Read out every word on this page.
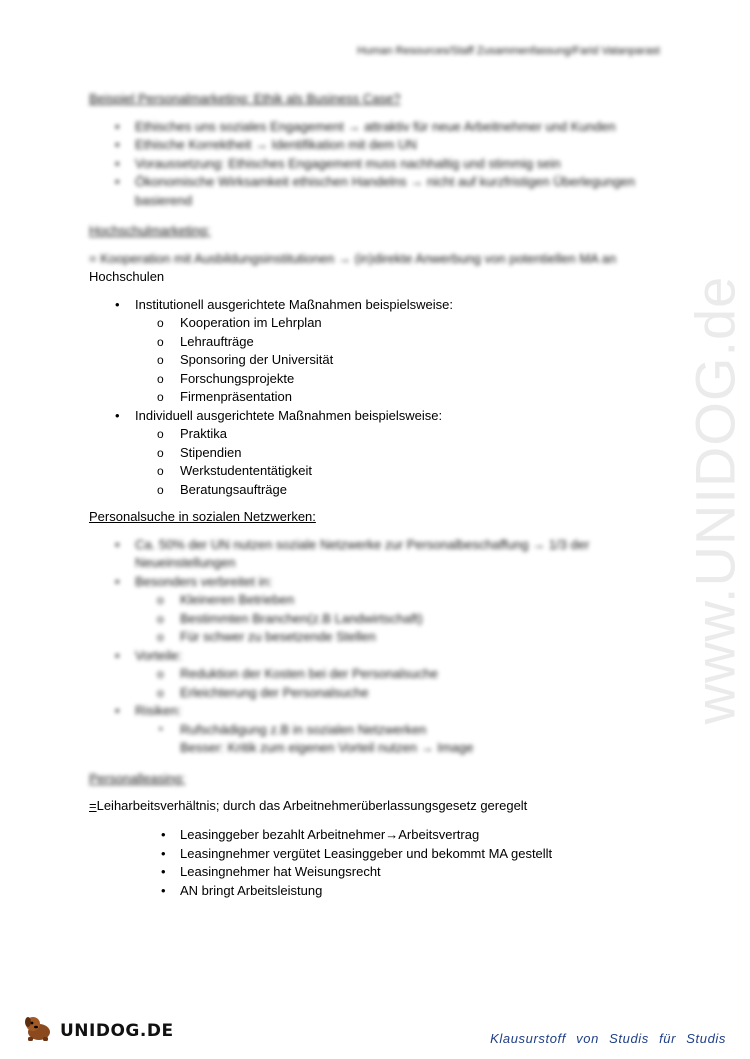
www.UNIDOG.de
Human Resources/Staff Zusammenfassung/Farid Vatanparast
Beispiel Personalmarketing: Ethik als Business Case?
• Ethisches uns soziales Engagement → attraktiv für neue Arbeitnehmer und Kunden
• Ethische Korrektheit → Identifikation mit dem UN
• Voraussetzung: Ethisches Engagement muss nachhaltig und stimmig sein
• Ökonomische Wirksamkeit ethischen Handelns → nicht auf kurzfristigen Überlegungen basierend
Hochschulmarketing:
= Kooperation mit Ausbildungsinstitutionen → (in)direkte Anwerbung von potentiellen MA an
Hochschulen
• Institutionell ausgerichtete Maßnahmen beispielsweise:
o Kooperation im Lehrplan
o Lehraufträge
o Sponsoring der Universität
o Forschungsprojekte
o Firmenpräsentation
• Individuell ausgerichtete Maßnahmen beispielsweise:
o Praktika
o Stipendien
o Werkstudententätigkeit
o Beratungsaufträge
Personalsuche in sozialen Netzwerken:
• Ca. 50% der UN nutzen soziale Netzwerke zur Personalbeschaffung → 1/3 der Neueinstellungen
• Besonders verbreitet in:
o Kleineren Betrieben
o Bestimmten Branchen(z.B Landwirtschaft)
o Für schwer zu besetzende Stellen
• Vorteile:
o Reduktion der Kosten bei der Personalsuche
o Erleichterung der Personalsuche
• Risiken:
▪ Rufschädigung z.B in sozialen Netzwerken
Besser: Kritik zum eigenen Vorteil nutzen → Image
Personalleasing:
=Leiharbeitsverhältnis; durch das Arbeitnehmerüberlassungsgesetz geregelt
• Leasinggeber bezahlt Arbeitnehmer→Arbeitsvertrag
• Leasingnehmer vergütet Leasinggeber und bekommt MA gestellt
• Leasingnehmer hat Weisungsrecht
• AN bringt Arbeitsleistung
UNIDOG.DE	Klausurstoff von Studis für Studis
